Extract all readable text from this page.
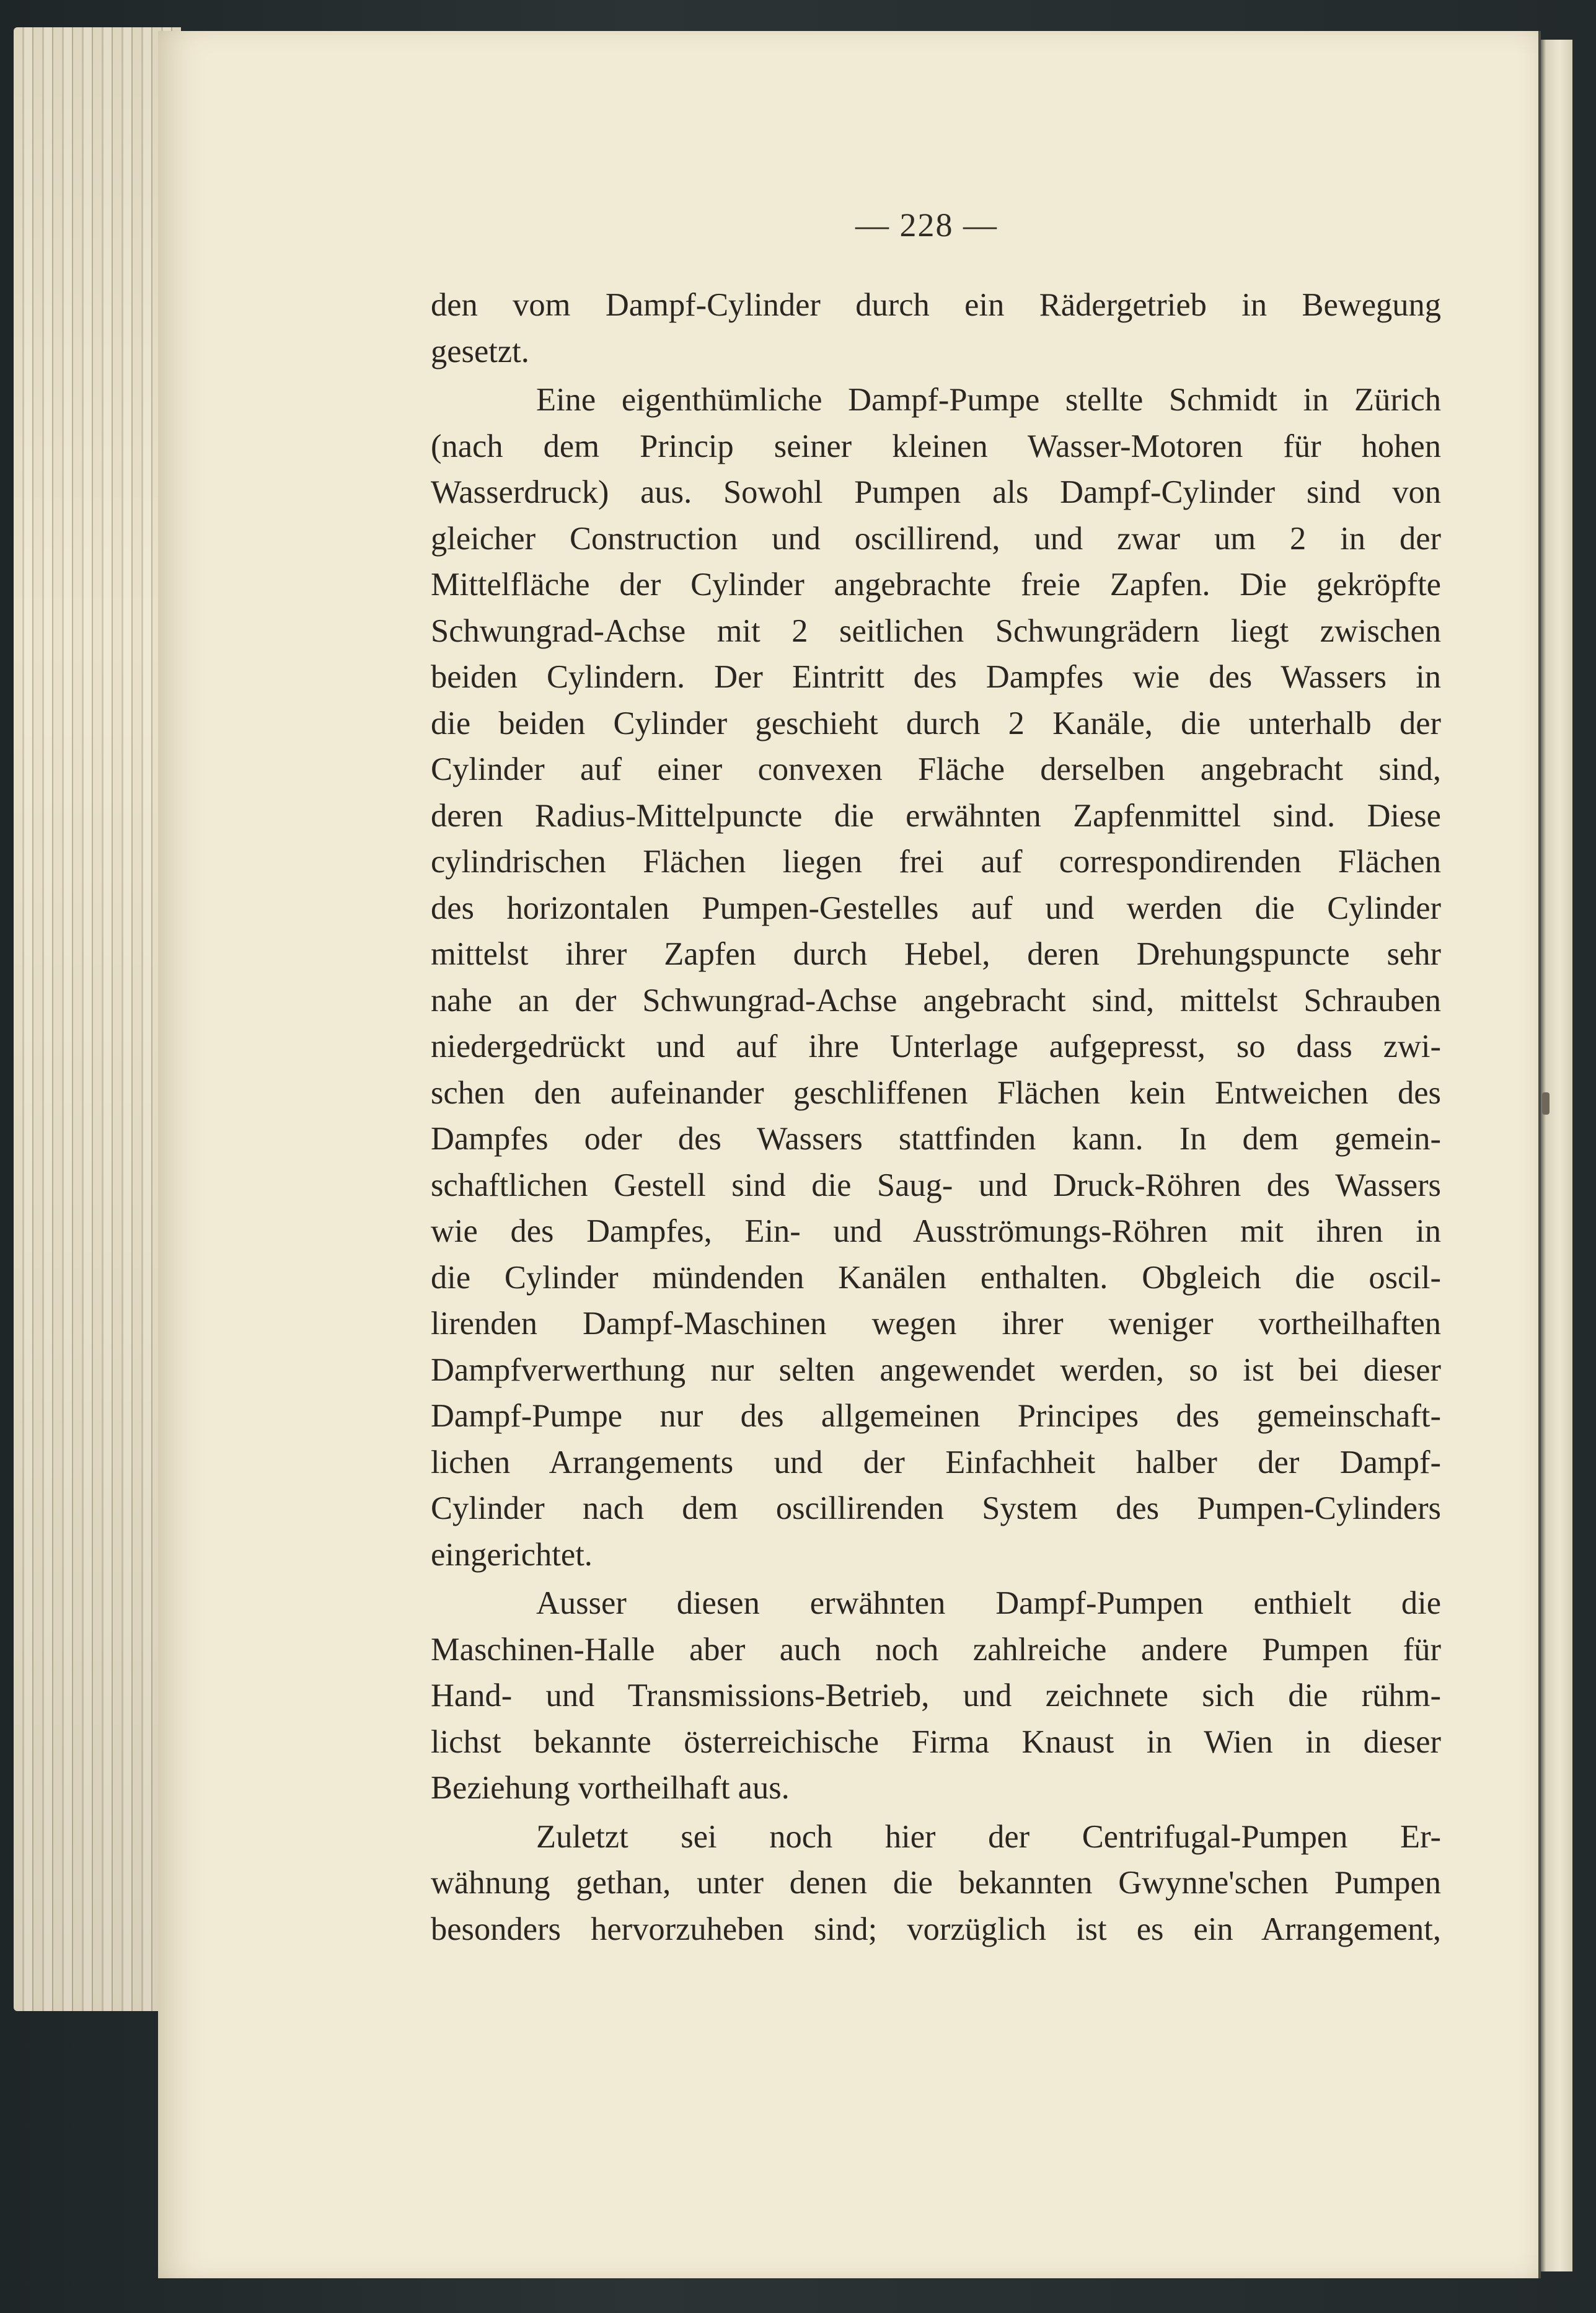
— 228 —
den vom Dampf-Cylinder durch ein Rädergetrieb in Bewegung
gesetzt.
Eine eigenthümliche Dampf-Pumpe stellte Schmidt in Zürich
(nach dem Princip seiner kleinen Wasser-Motoren für hohen
Wasserdruck) aus. Sowohl Pumpen als Dampf-Cylinder sind von
gleicher Construction und oscillirend, und zwar um 2 in der
Mittelfläche der Cylinder angebrachte freie Zapfen. Die gekröpfte
Schwungrad-Achse mit 2 seitlichen Schwungrädern liegt zwischen
beiden Cylindern. Der Eintritt des Dampfes wie des Wassers in
die beiden Cylinder geschieht durch 2 Kanäle, die unterhalb der
Cylinder auf einer convexen Fläche derselben angebracht sind,
deren Radius-Mittelpuncte die erwähnten Zapfenmittel sind. Diese
cylindrischen Flächen liegen frei auf correspondirenden Flächen
des horizontalen Pumpen-Gestelles auf und werden die Cylinder
mittelst ihrer Zapfen durch Hebel, deren Drehungspuncte sehr
nahe an der Schwungrad-Achse angebracht sind, mittelst Schrauben
niedergedrückt und auf ihre Unterlage aufgepresst, so dass zwi-
schen den aufeinander geschliffenen Flächen kein Entweichen des
Dampfes oder des Wassers stattfinden kann. In dem gemein-
schaftlichen Gestell sind die Saug- und Druck-Röhren des Wassers
wie des Dampfes, Ein- und Ausströmungs-Röhren mit ihren in
die Cylinder mündenden Kanälen enthalten. Obgleich die oscil-
lirenden Dampf-Maschinen wegen ihrer weniger vortheilhaften
Dampfverwerthung nur selten angewendet werden, so ist bei dieser
Dampf-Pumpe nur des allgemeinen Principes des gemeinschaft-
lichen Arrangements und der Einfachheit halber der Dampf-
Cylinder nach dem oscillirenden System des Pumpen-Cylinders
eingerichtet.
Ausser diesen erwähnten Dampf-Pumpen enthielt die
Maschinen-Halle aber auch noch zahlreiche andere Pumpen für
Hand- und Transmissions-Betrieb, und zeichnete sich die rühm-
lichst bekannte österreichische Firma Knaust in Wien in dieser
Beziehung vortheilhaft aus.
Zuletzt sei noch hier der Centrifugal-Pumpen Er-
wähnung gethan, unter denen die bekannten Gwynne'schen Pumpen
besonders hervorzuheben sind; vorzüglich ist es ein Arrangement,
